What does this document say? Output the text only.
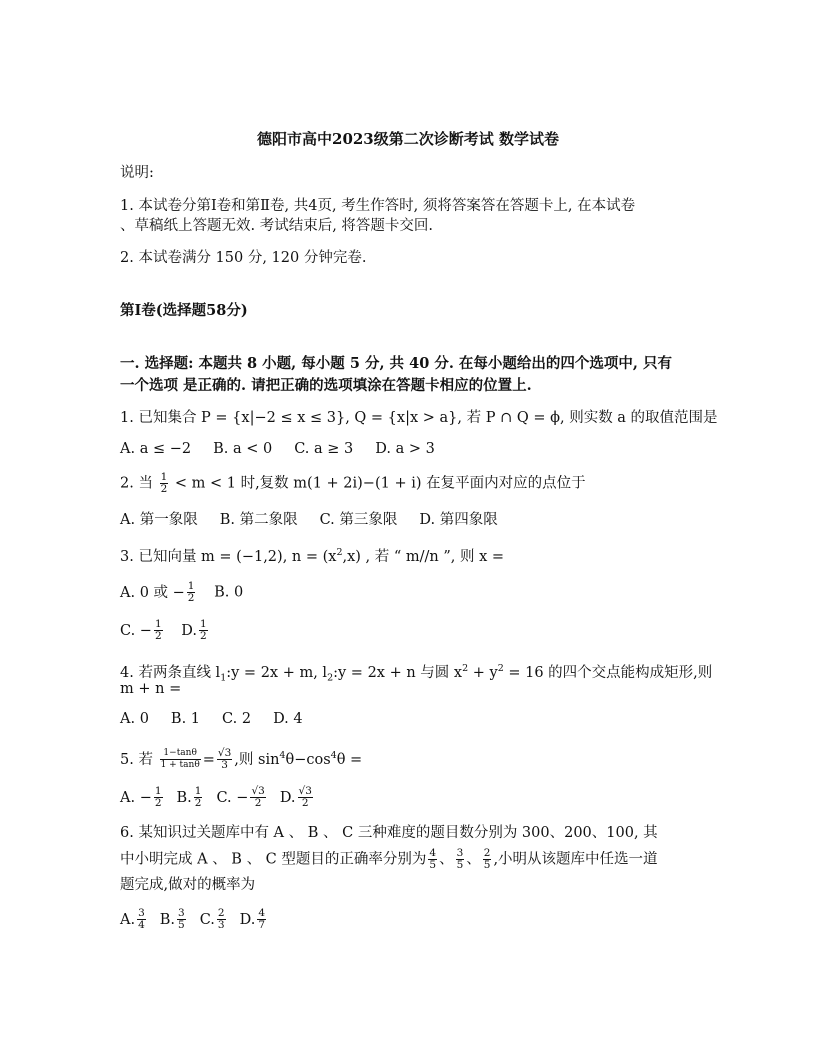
德阳市高中2023级第二次诊断考试 数学试卷
说明:
1. 本试卷分第Ⅰ卷和第Ⅱ卷, 共4页, 考生作答时, 须将答案答在答题卡上, 在本试卷
、草稿纸上答题无效. 考试结束后, 将答题卡交回.
2. 本试卷满分 150 分, 120 分钟完卷.
第Ⅰ卷(选择题58分)
一. 选择题: 本题共 8 小题, 每小题 5 分, 共 40 分. 在每小题给出的四个选项中, 只有
一个选项 是正确的. 请把正确的选项填涂在答题卡相应的位置上.
1. 已知集合 P = {x|−2 ≤ x ≤ 3}, Q = {x|x > a}, 若 P ∩ Q = ϕ, 则实数 a 的取值范围是
A. a ≤ −2 B. a < 0 C. a ≥ 3 D. a > 3
2. 当 $\frac{1}{2} < m < 1$ 时,复数 m(1 + 2i)−(1 + i) 在复平面内对应的点位于
A. 第一象限 B. 第二象限 C. 第三象限 D. 第四象限
3. 已知向量 m = (−1,2), $n = (x^2,x)$ , 若 “ m//n ”, 则 x =
A. 0 或 − $\frac{1}{2} B$. 0
C. − $\frac{1}{2} D$. $\frac{1}{2}$
4. 若两条直线 $l_1:y = 2x + m$, $l_2:y = 2x + n$ 与圆 $x^2 + y^2 = 16$ 的四个交点能构成矩形,则
m + n =
A. 0 B. 1 C. 2 D. 4
5. 若 $\frac{1-\tan\theta}{1 + \tan\theta} = \frac{√3}{3}$ ,则 $\sin^4\theta-\cos^4\theta$ =
A. − $\frac{1}{2} B$. $\frac{1}{2} C$. − $\frac{√3}{2} D$. $\frac{√3}{2}$
6. 某知识过关题库中有 A 、 B 、 C 三种难度的题目数分别为 300、200、100, 其
中小明完成 A 、 B 、 C 型题目的正确率分别为 $\frac{4}{5}$ 、 $\frac{3}{5}$ 、 $\frac{2}{5}$ ,小明从该题库中任选一道
题完成,做对的概率为
A. $\frac{3}{4} B$. $\frac{3}{5} C$. $\frac{2}{3} D$. $\frac{4}{7}$
